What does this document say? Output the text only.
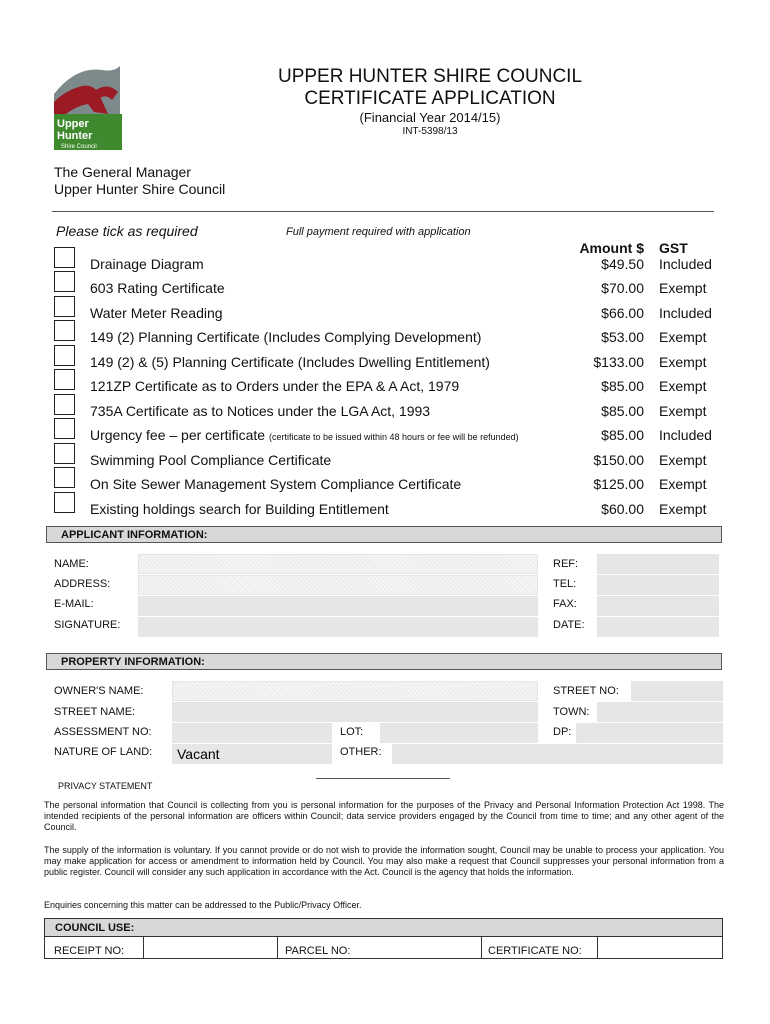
Upper
Hunter
Shire Council
UPPER HUNTER SHIRE COUNCIL
CERTIFICATE APPLICATION
(Financial Year 2014/15)
INT-5398/13
The General Manager
Upper Hunter Shire Council
Please tick as required	Full payment required with application
Amount $ GST
Drainage Diagram	$49.50 Included
603 Rating Certificate	$70.00 Exempt
Water Meter Reading	$66.00 Included
149 (2) Planning Certificate (Includes Complying Development)	$53.00 Exempt
149 (2) & (5) Planning Certificate (Includes Dwelling Entitlement)	$133.00 Exempt
121ZP Certificate as to Orders under the EPA & A Act, 1979	$85.00 Exempt
735A Certificate as to Notices under the LGA Act, 1993	$85.00 Exempt
Urgency fee – per certificate (certificate to be issued within 48 hours or fee will be refunded)	$85.00 Included
Swimming Pool Compliance Certificate	$150.00 Exempt
On Site Sewer Management System Compliance Certificate	$125.00 Exempt
Existing holdings search for Building Entitlement	$60.00 Exempt
APPLICANT INFORMATION:
NAME:	REF:
ADDRESS:	TEL:
E-MAIL:	FAX:
SIGNATURE:	DATE:
PROPERTY INFORMATION:
OWNER'S NAME:	STREET NO:
STREET NAME:	TOWN:
ASSESSMENT NO:	LOT:	DP:
NATURE OF LAND:
Vacant	OTHER:
PRIVACY STATEMENT
The personal information that Council is collecting from you is personal information for the purposes of the Privacy and Personal Information Protection Act 1998. The intended recipients of the personal information are officers within Council; data service providers engaged by the Council from time to time; and any other agent of the Council.
The supply of the information is voluntary. If you cannot provide or do not wish to provide the information sought, Council may be unable to process your application. You may make application for access or amendment to information held by Council. You may also make a request that Council suppresses your personal information from a public register. Council will consider any such application in accordance with the Act. Council is the agency that holds the information.
Enquiries concerning this matter can be addressed to the Public/Privacy Officer.
COUNCIL USE:
RECEIPT NO:	PARCEL NO:	CERTIFICATE NO:
